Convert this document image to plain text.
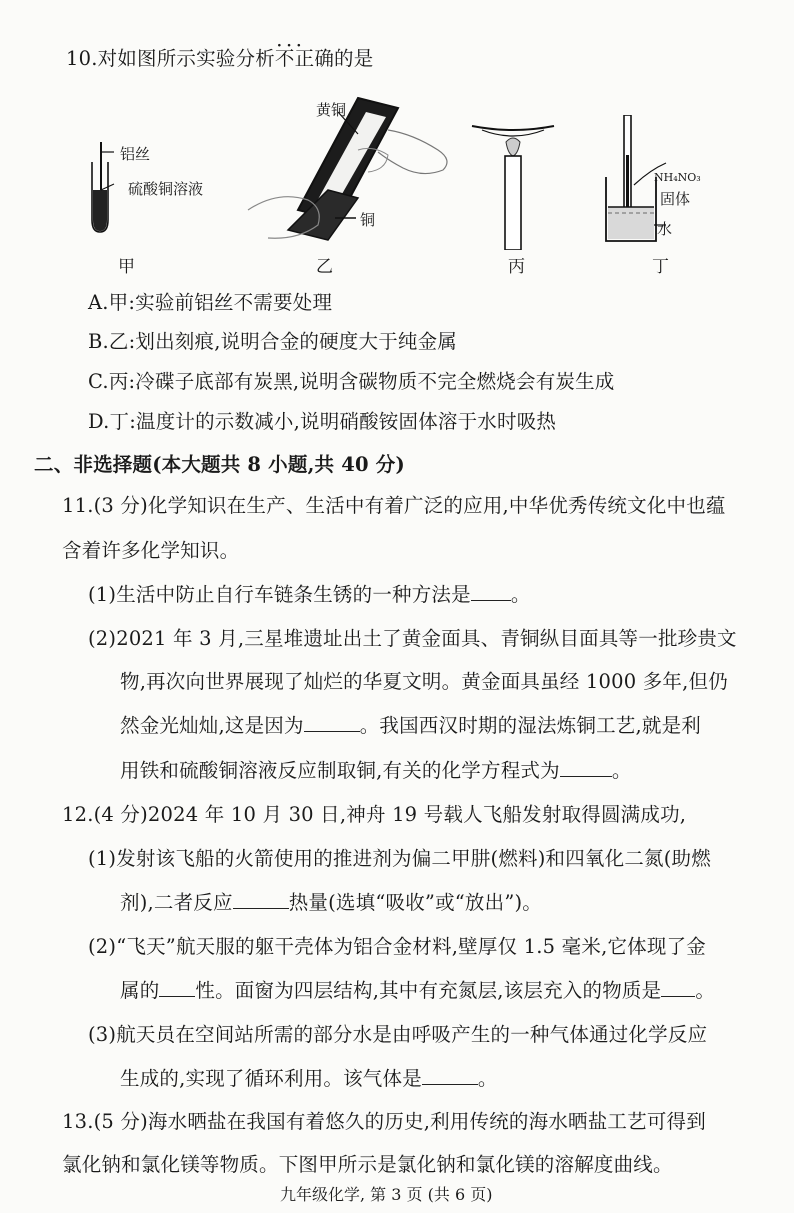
10.对如图所示实验分析不正确 · · ·的是
铝丝
硫酸铜溶液
甲
黄铜
铜
乙	丙
NH₄NO₃
固体
水
丁
A.甲:实验前铝丝不需要处理
B.乙:划出刻痕,说明合金的硬度大于纯金属
C.丙:冷碟子底部有炭黑,说明含碳物质不完全燃烧会有炭生成
D.丁:温度计的示数减小,说明硝酸铵固体溶于水时吸热
二、非选择题(本大题共 8 小题,共 40 分)
11.(3 分)化学知识在生产、生活中有着广泛的应用,中华优秀传统文化中也蕴
含着许多化学知识。
(1)生活中防止自行车链条生锈的一种方法是 。
(2)2021 年 3 月,三星堆遗址出土了黄金面具、青铜纵目面具等一批珍贵文
物,再次向世界展现了灿烂的华夏文明。黄金面具虽经 1000 多年,但仍
然金光灿灿,这是因为	。我国西汉时期的湿法炼铜工艺,就是利
用铁和硫酸铜溶液反应制取铜,有关的化学方程式为	。
12.(4 分)2024 年 10 月 30 日,神舟 19 号载人飞船发射取得圆满成功,
(1)发射该飞船的火箭使用的推进剂为偏二甲肼(燃料)和四氧化二氮(助燃
剂),二者反应	热量(选填“吸收”或“放出”)。
(2)“飞天”航天服的躯干壳体为铝合金材料,壁厚仅 1.5 毫米,它体现了金
属的 性。面窗为四层结构,其中有充氮层,该层充入的物质是 。
(3)航天员在空间站所需的部分水是由呼吸产生的一种气体通过化学反应
生成的,实现了循环利用。该气体是	。
13.(5 分)海水晒盐在我国有着悠久的历史,利用传统的海水晒盐工艺可得到
氯化钠和氯化镁等物质。下图甲所示是氯化钠和氯化镁的溶解度曲线。
九年级化学, 第 3 页 (共 6 页)
